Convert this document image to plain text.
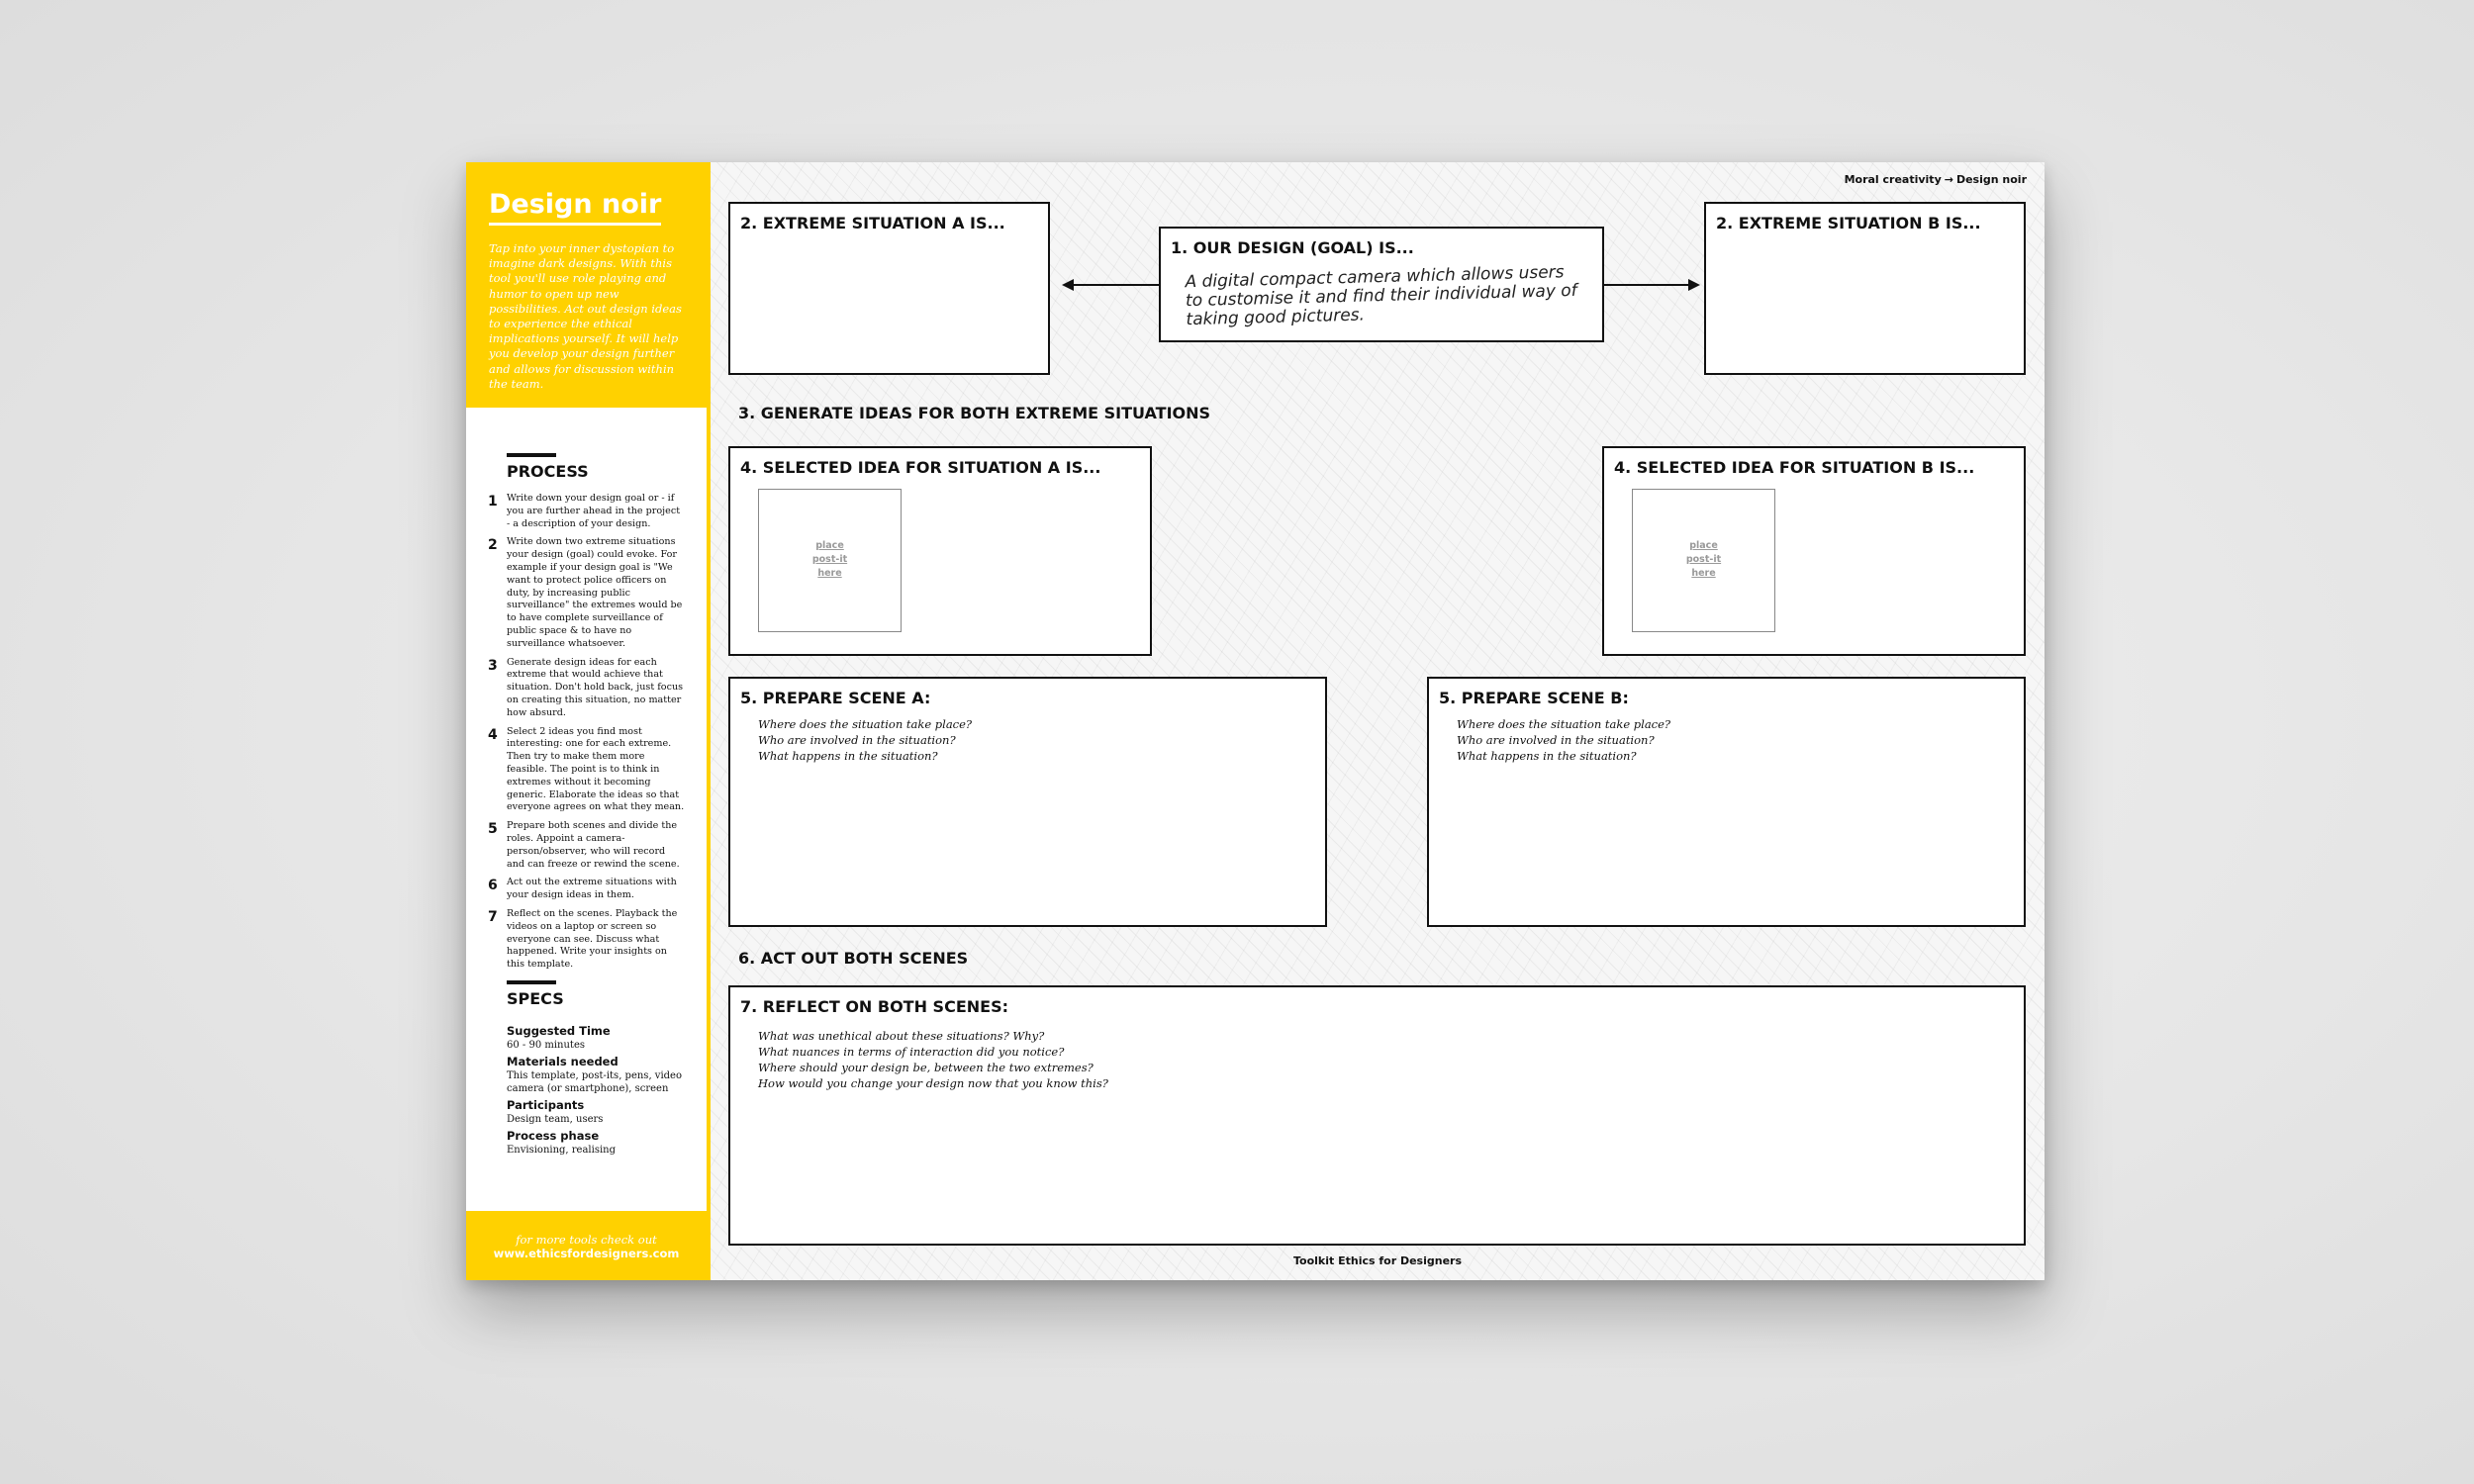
Design noir

Tap into your inner dystopian to imagine dark designs. With this tool you'll use role playing and humor to open up new possibilities. Act out design ideas to experience the ethical implications yourself. It will help you develop your design further and allows for discussion within the team.

PROCESS
1 Write down your design goal or - if you are further ahead in the project - a description of your design.
2 Write down two extreme situations your design (goal) could evoke. For example if your design goal is "We want to protect police officers on duty, by increasing public surveillance" the extremes would be to have complete surveillance of public space & to have no surveillance whatsoever.
3 Generate design ideas for each extreme that would achieve that situation. Don't hold back, just focus on creating this situation, no matter how absurd.
4 Select 2 ideas you find most interesting: one for each extreme. Then try to make them more feasible. The point is to think in extremes without it becoming generic. Elaborate the ideas so that everyone agrees on what they mean.
5 Prepare both scenes and divide the roles. Appoint a camera-person/observer, who will record and can freeze or rewind the scene.
6 Act out the extreme situations with your design ideas in them.
7 Reflect on the scenes. Playback the videos on a laptop or screen so everyone can see. Discuss what happened. Write your insights on this template.
SPECS
Suggested Time
60 - 90 minutes
Materials needed
This template, post-its, pens, video camera (or smartphone), screen
Participants
Design team, users
Process phase
Envisioning, realising
for more tools check out
www.ethicsfordesigners.com
Moral creativity → Design noir
2. EXTREME SITUATION A IS...
1. OUR DESIGN (GOAL) IS...

A digital compact camera which allows users to customise it and find their individual way of taking good pictures.

2. EXTREME SITUATION B IS...
3. GENERATE IDEAS FOR BOTH EXTREME SITUATIONS
4. SELECTED IDEA FOR SITUATION A IS...
place
post-it
here
4. SELECTED IDEA FOR SITUATION B IS...
place
post-it
here
5. PREPARE SCENE A:
Where does the situation take place?
Who are involved in the situation?
What happens in the situation?
5. PREPARE SCENE B:
Where does the situation take place?
Who are involved in the situation?
What happens in the situation?
6. ACT OUT BOTH SCENES
7. REFLECT ON BOTH SCENES:
What was unethical about these situations? Why?
What nuances in terms of interaction did you notice?
Where should your design be, between the two extremes?
How would you change your design now that you know this?
Toolkit Ethics for Designers
